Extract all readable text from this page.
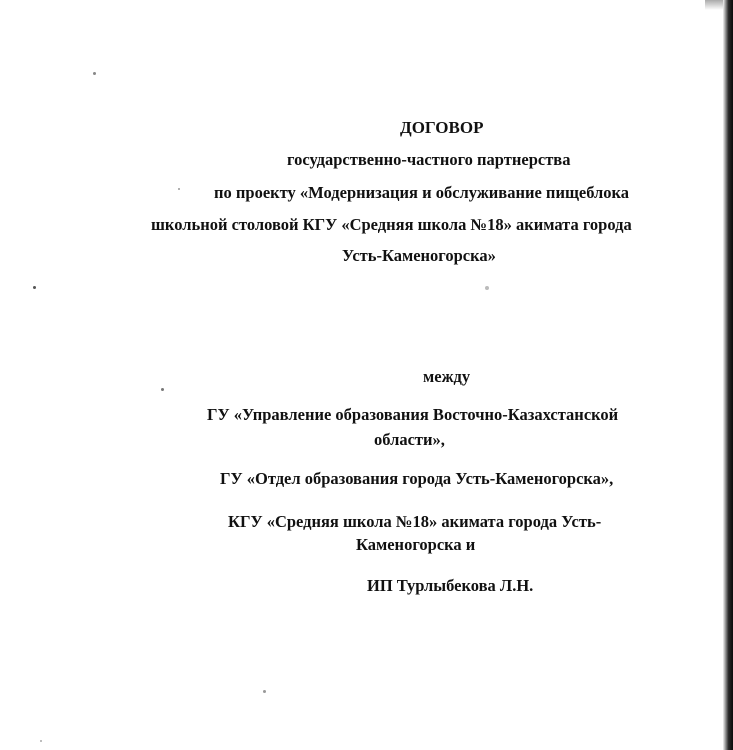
ДОГОВОР
государственно-частного партнерства
по проекту «Модернизация и обслуживание пищеблока
школьной столовой КГУ «Средняя школа №18» акимата города
Усть-Каменогорска»
между
ГУ «Управление образования Восточно-Казахстанской
области»,
ГУ «Отдел образования города Усть-Каменогорска»,
КГУ «Средняя школа №18» акимата города Усть-
Каменогорска и
ИП Турлыбекова Л.Н.
